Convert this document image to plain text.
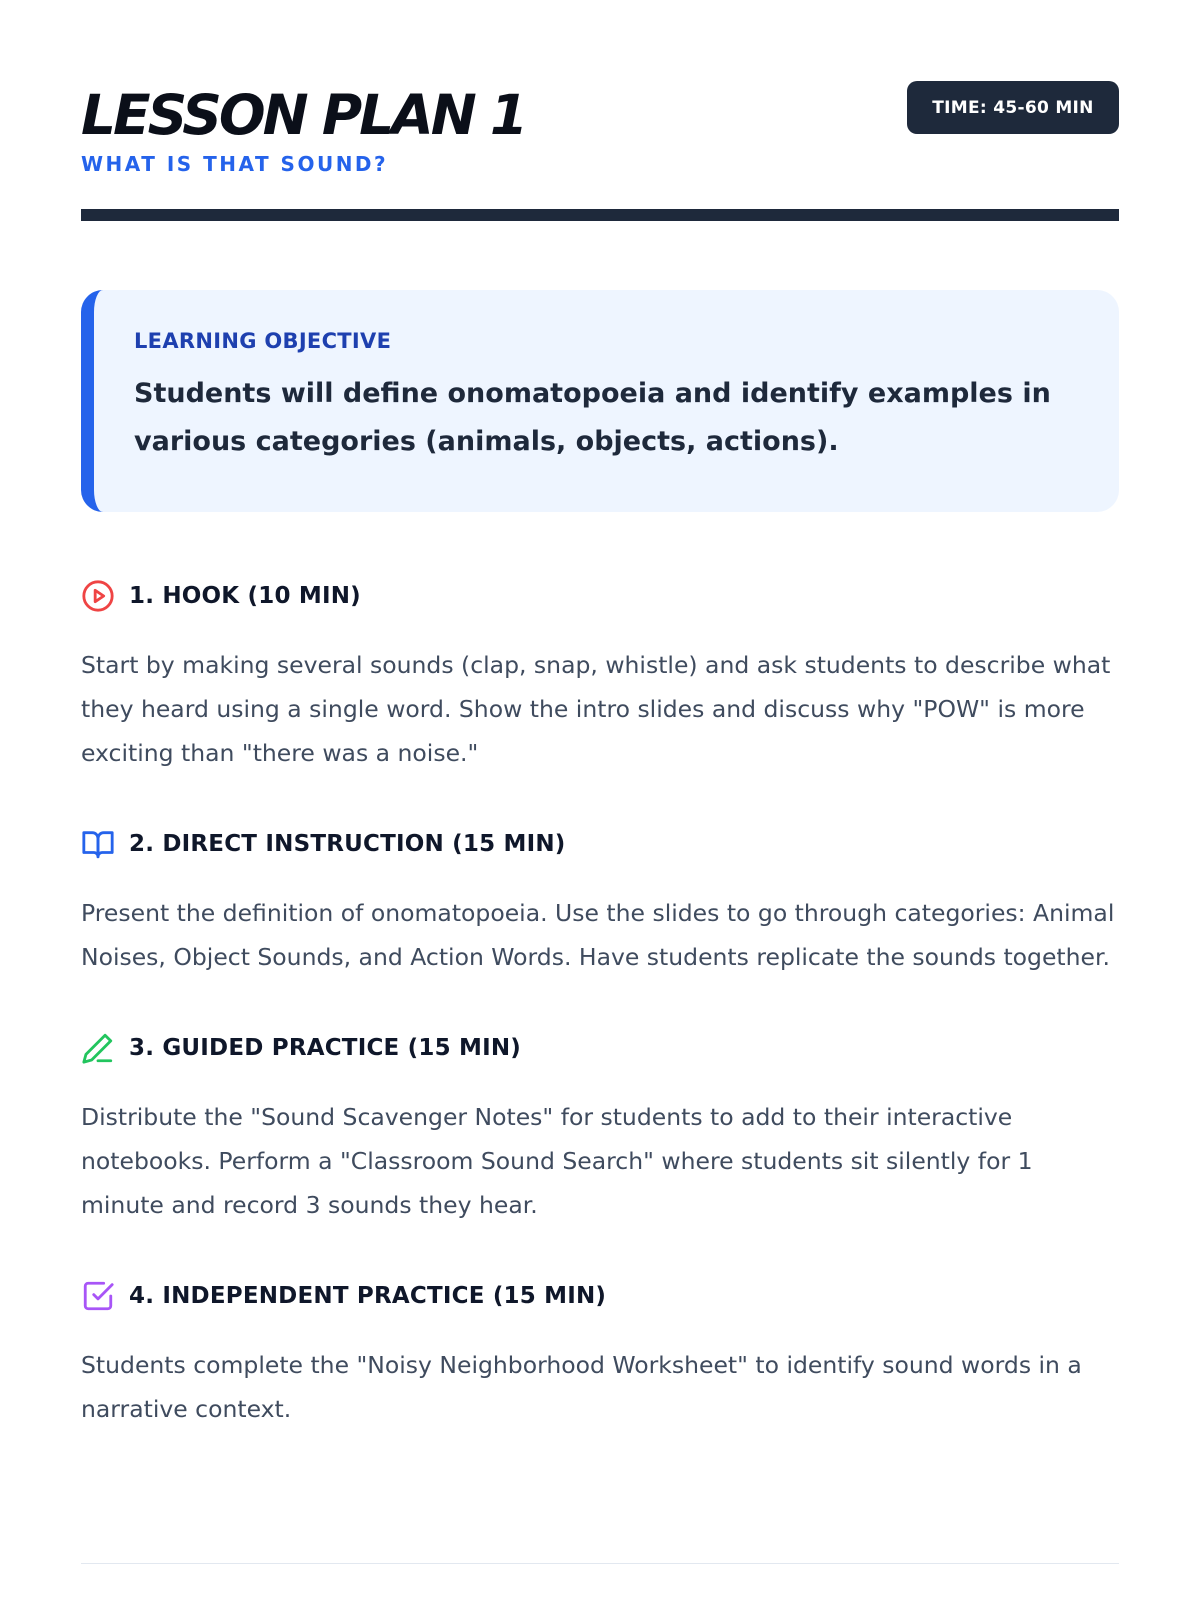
LESSON PLAN 1
WHAT IS THAT SOUND?
TIME: 45-60 MIN
LEARNING OBJECTIVE
Students will define onomatopoeia and identify examples in various categories (animals, objects, actions).
1. HOOK (10 MIN)
Start by making several sounds (clap, snap, whistle) and ask students to describe what they heard using a single word. Show the intro slides and discuss why "POW" is more exciting than "there was a noise."
2. DIRECT INSTRUCTION (15 MIN)
Present the definition of onomatopoeia. Use the slides to go through categories: Animal Noises, Object Sounds, and Action Words. Have students replicate the sounds together.
3. GUIDED PRACTICE (15 MIN)
Distribute the "Sound Scavenger Notes" for students to add to their interactive notebooks. Perform a "Classroom Sound Search" where students sit silently for 1 minute and record 3 sounds they hear.
4. INDEPENDENT PRACTICE (15 MIN)
Students complete the "Noisy Neighborhood Worksheet" to identify sound words in a narrative context.
